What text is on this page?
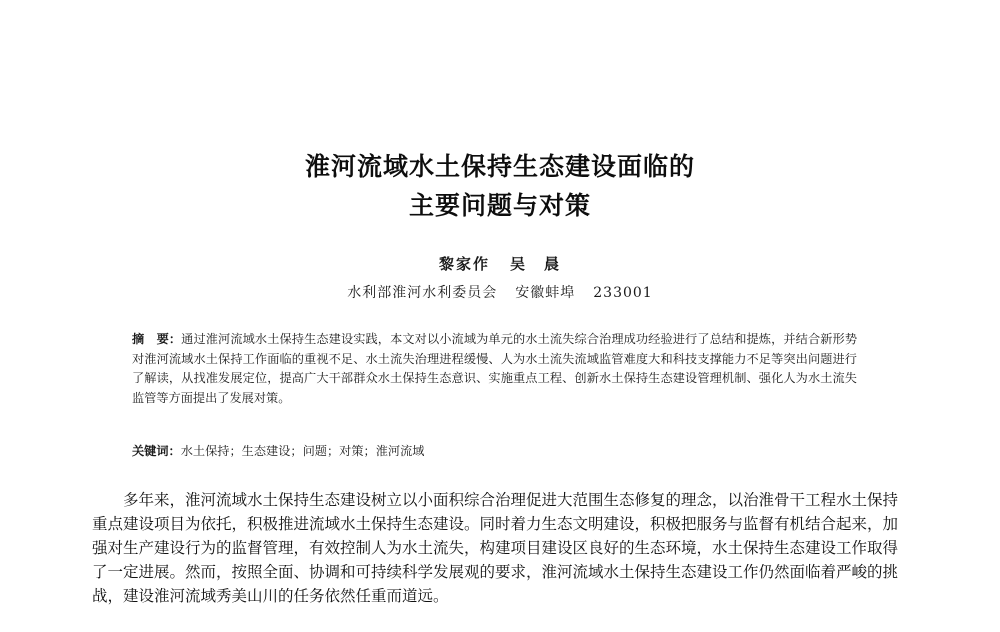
淮河流域水土保持生态建设面临的
主要问题与对策
黎家作 吴　晨
水利部淮河水利委员会 安徽蚌埠 233001
摘　要：通过淮河流域水土保持生态建设实践，本文对以小流域为单元的水土流失综合治理成功经验进行了总结和提炼，并结合新形势对淮河流域水土保持工作面临的重视不足、水土流失治理进程缓慢、人为水土流失流域监管难度大和科技支撑能力不足等突出问题进行了解读，从找准发展定位，提高广大干部群众水土保持生态意识、实施重点工程、创新水土保持生态建设管理机制、强化人为水土流失监管等方面提出了发展对策。
关键词：水土保持；生态建设；问题；对策；淮河流域

多年来，淮河流域水土保持生态建设树立以小面积综合治理促进大范围生态修复的理念，以治淮骨干工程水土保持重点建设项目为依托，积极推进流域水土保持生态建设。同时着力生态文明建设，积极把服务与监督有机结合起来，加强对生产建设行为的监督管理，有效控制人为水土流失，构建项目建设区良好的生态环境，水土保持生态建设工作取得了一定进展。然而，按照全面、协调和可持续科学发展观的要求，淮河流域水土保持生态建设工作仍然面临着严峻的挑战，建设淮河流域秀美山川的任务依然任重而道远。
